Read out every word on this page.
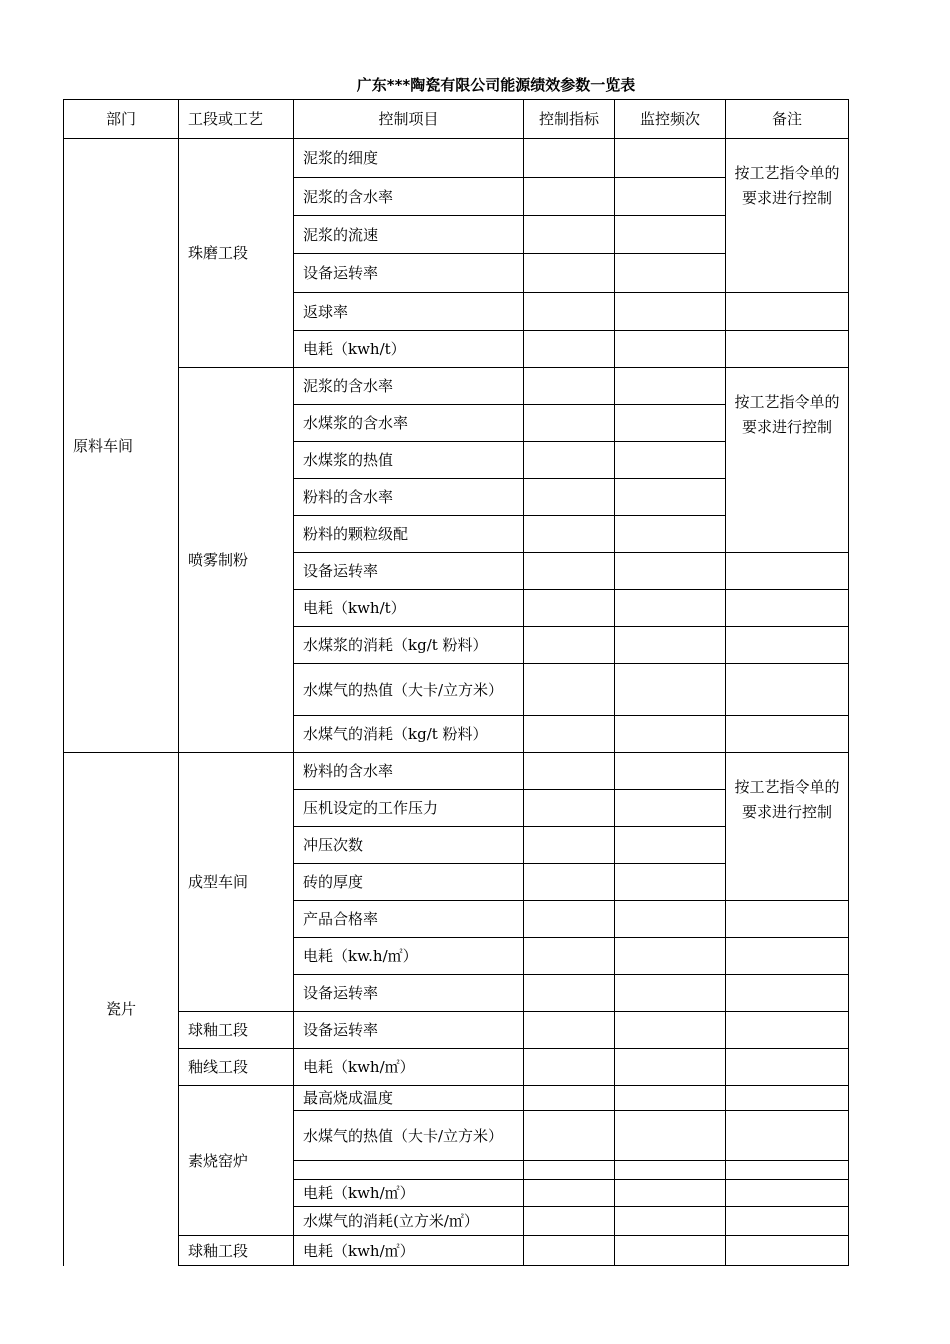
广东***陶瓷有限公司能源绩效参数一览表
部门	工段或工艺	控制项目	控制指标	监控频次	备注
原料车间	珠磨工段	泥浆的细度			按工艺指令单的要求进行控制
		泥浆的含水率			
		泥浆的流速			
		设备运转率			
		返球率			
		电耗（kwh/t）			
	喷雾制粉	泥浆的含水率			按工艺指令单的要求进行控制
		水煤浆的含水率			
		水煤浆的热值			
		粉料的含水率			
		粉料的颗粒级配			
		设备运转率			
		电耗（kwh/t）			
		水煤浆的消耗（kg/t 粉料）			
		水煤气的热值（大卡/立方米）			
		水煤气的消耗（kg/t 粉料）			
瓷片	成型车间	粉料的含水率			按工艺指令单的要求进行控制
		压机设定的工作压力			
		冲压次数			
		砖的厚度			
		产品合格率			
		电耗（kw.h/㎡）			
		设备运转率			
	球釉工段	设备运转率			
	釉线工段	电耗（kwh/㎡）			
	素烧窑炉	最高烧成温度			
		水煤气的热值（大卡/立方米）			

		电耗（kwh/㎡）			
		水煤气的消耗(立方米/㎡）			
	球釉工段	电耗（kwh/㎡）			
